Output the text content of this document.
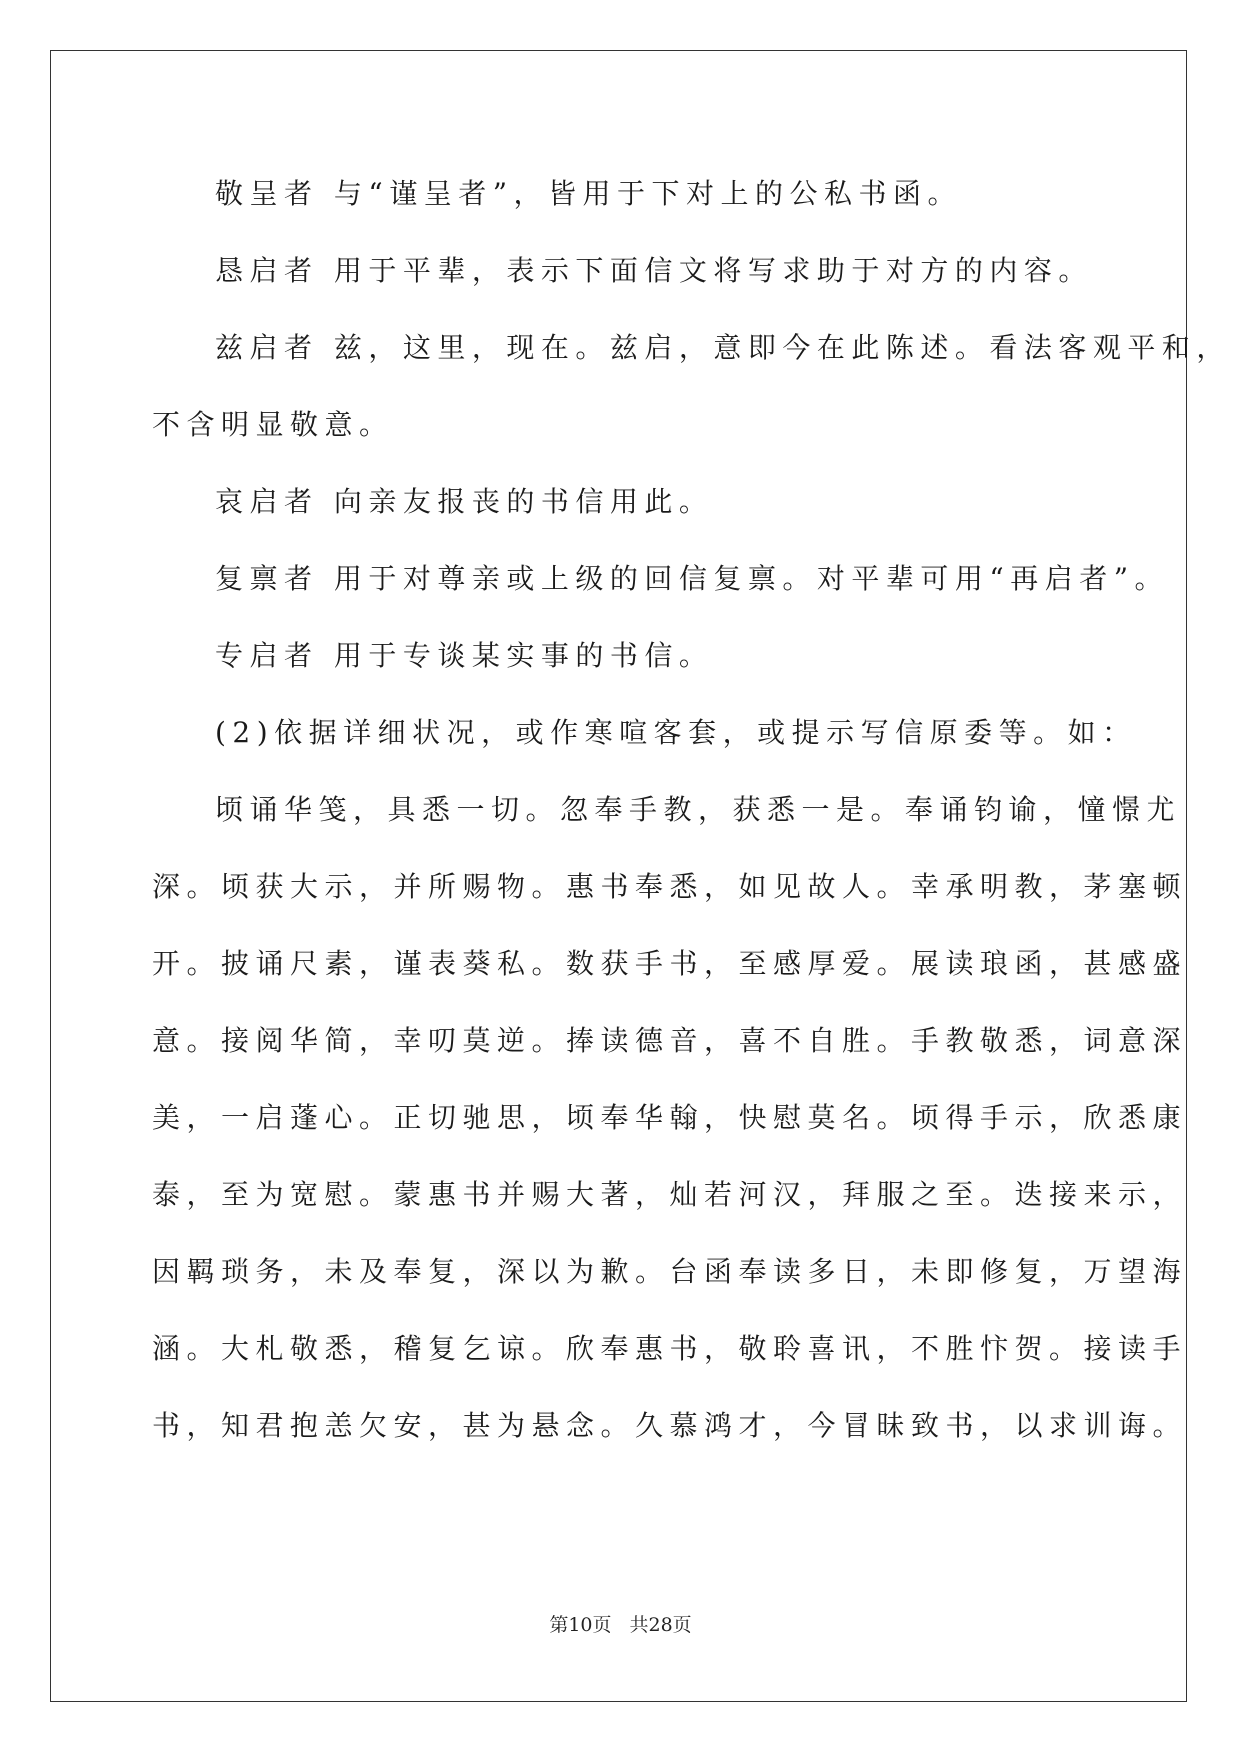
敬呈者 与“谨呈者”，皆用于下对上的公私书函。

恳启者 用于平辈，表示下面信文将写求助于对方的内容。

兹启者 兹，这里，现在。兹启，意即今在此陈述。看法客观平和，

不含明显敬意。

哀启者 向亲友报丧的书信用此。

复禀者 用于对尊亲或上级的回信复禀。对平辈可用“再启者”。

专启者 用于专谈某实事的书信。

(2)依据详细状况，或作寒喧客套，或提示写信原委等。如：

顷诵华笺，具悉一切。忽奉手教，获悉一是。奉诵钧谕，憧憬尤

深。顷获大示，并所赐物。惠书奉悉，如见故人。幸承明教，茅塞顿

开。披诵尺素，谨表葵私。数获手书，至感厚爱。展读琅函，甚感盛

意。接阅华简，幸叨莫逆。捧读德音，喜不自胜。手教敬悉，词意深

美，一启蓬心。正切驰思，顷奉华翰，快慰莫名。顷得手示，欣悉康

泰，至为宽慰。蒙惠书并赐大著，灿若河汉，拜服之至。迭接来示，

因羁琐务，未及奉复，深以为歉。台函奉读多日，未即修复，万望海

涵。大札敬悉，稽复乞谅。欣奉惠书，敬聆喜讯，不胜忭贺。接读手

书，知君抱恙欠安，甚为悬念。久慕鸿才，今冒昧致书，以求训诲。

第10页 共28页
